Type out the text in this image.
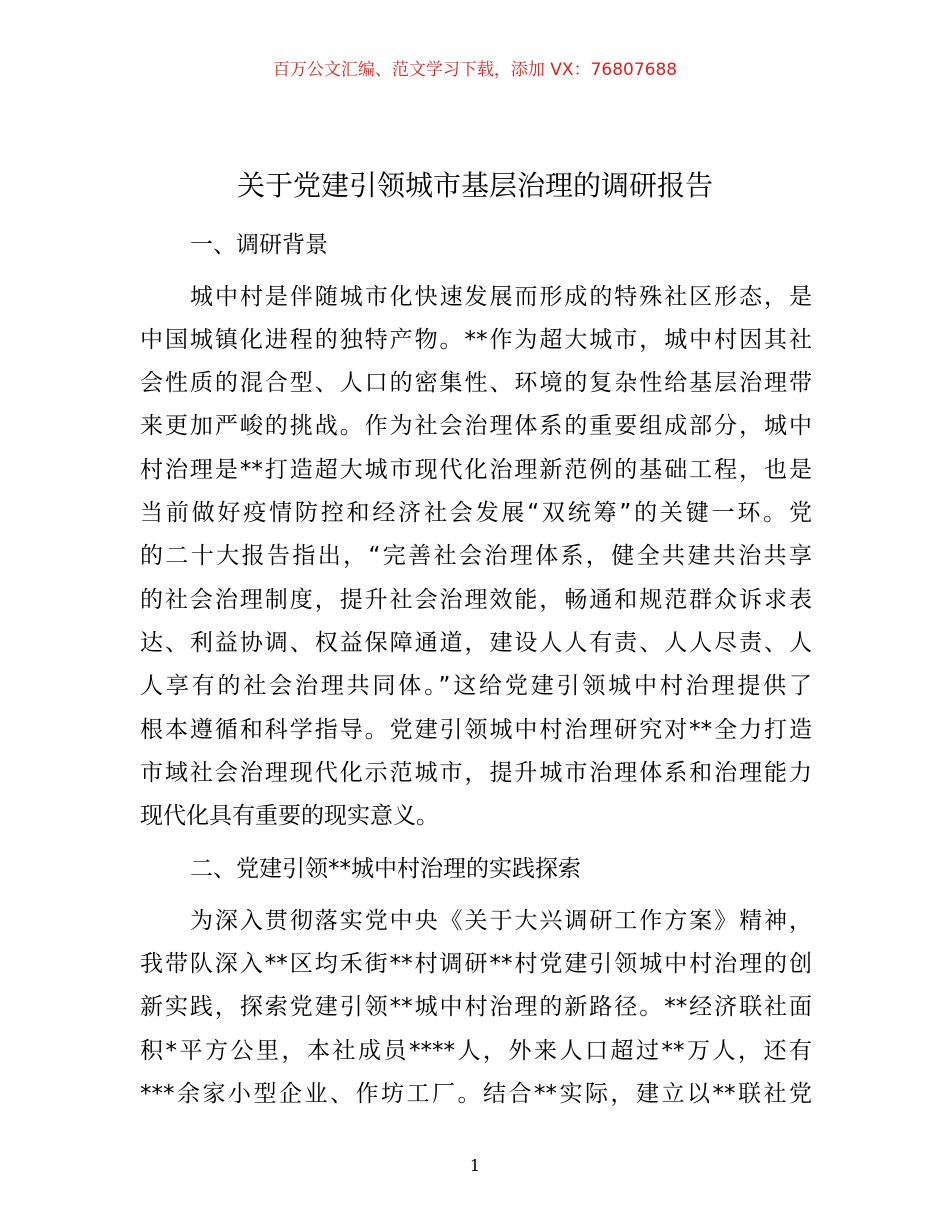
百万公文汇编、范文学习下载，添加 VX：76807688
关于党建引领城市基层治理的调研报告
一、调研背景

城中村是伴随城市化快速发展而形成的特殊社区形态，是

中国城镇化进程的独特产物。**作为超大城市，城中村因其社

会性质的混合型、人口的密集性、环境的复杂性给基层治理带

来更加严峻的挑战。作为社会治理体系的重要组成部分，城中

村治理是**打造超大城市现代化治理新范例的基础工程，也是

当前做好疫情防控和经济社会发展“双统筹”的关键一环。党

的二十大报告指出，“完善社会治理体系，健全共建共治共享

的社会治理制度，提升社会治理效能，畅通和规范群众诉求表

达、利益协调、权益保障通道，建设人人有责、人人尽责、人

人享有的社会治理共同体。”这给党建引领城中村治理提供了

根本遵循和科学指导。党建引领城中村治理研究对**全力打造

市域社会治理现代化示范城市，提升城市治理体系和治理能力

现代化具有重要的现实意义。

二、党建引领**城中村治理的实践探索

为深入贯彻落实党中央《关于大兴调研工作方案》精神，

我带队深入**区均禾街**村调研**村党建引领城中村治理的创

新实践，探索党建引领**城中村治理的新路径。**经济联社面

积*平方公里，本社成员****人，外来人口超过**万人，还有

***余家小型企业、作坊工厂。结合**实际，建立以**联社党

1
